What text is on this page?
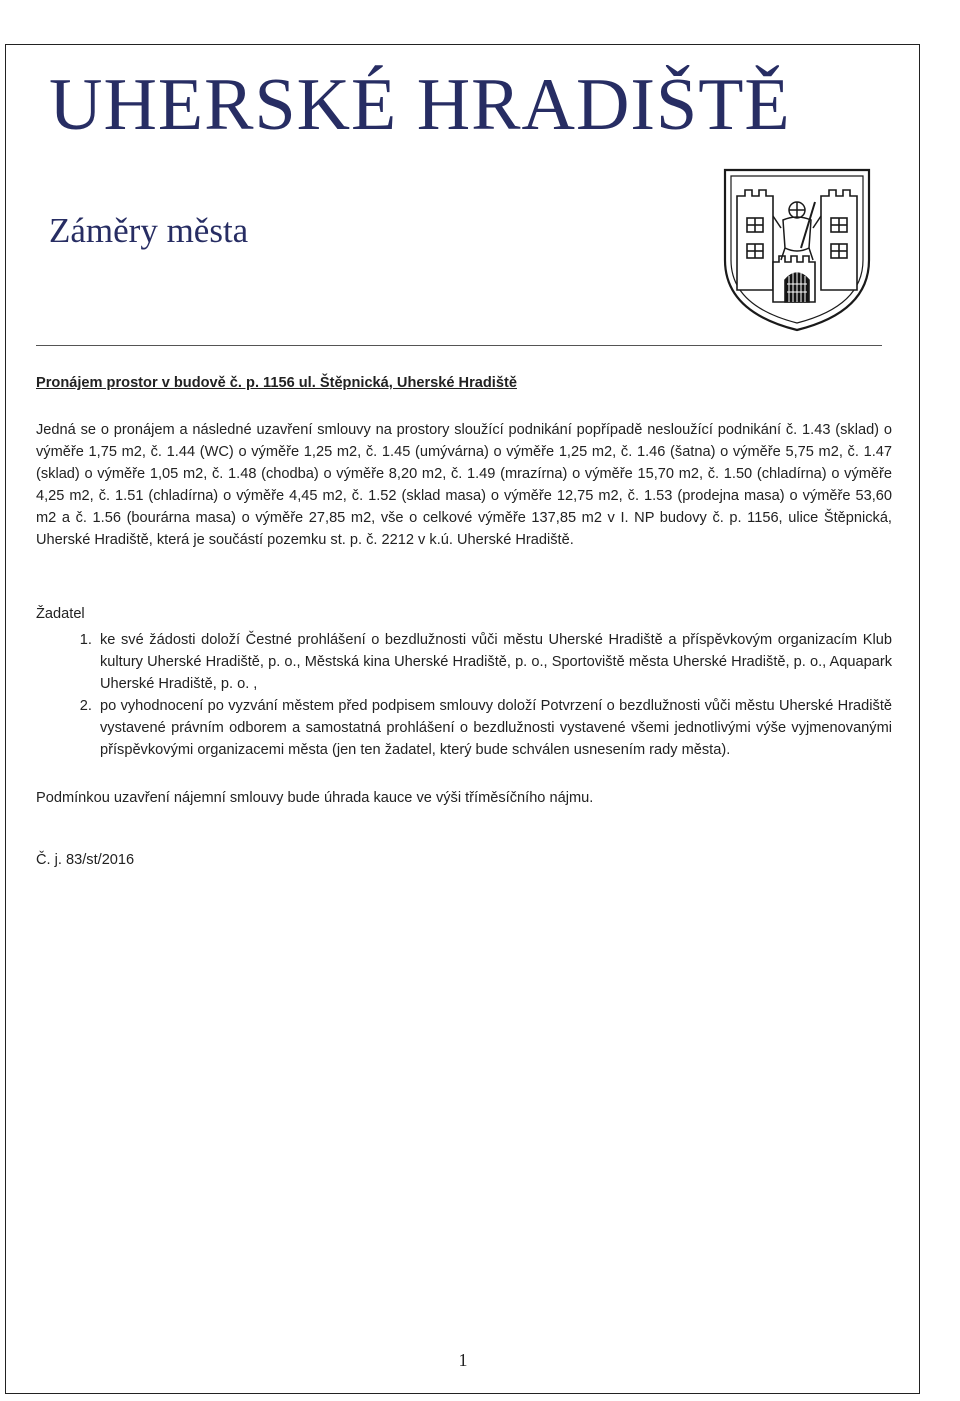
UHERSKÉ HRADIŠTĚ
Záměry města

Pronájem prostor v budově č. p. 1156 ul. Štěpnická, Uherské Hradiště

Jedná se o pronájem a následné uzavření smlouvy na prostory sloužící podnikání popřípadě nesloužící podnikání č. 1.43 (sklad) o výměře 1,75 m2, č. 1.44 (WC) o výměře 1,25 m2, č. 1.45 (umývárna) o výměře 1,25 m2, č. 1.46 (šatna) o výměře 5,75 m2, č. 1.47 (sklad) o výměře 1,05 m2, č. 1.48 (chodba) o výměře 8,20 m2, č. 1.49 (mrazírna) o výměře 15,70 m2, č. 1.50 (chladírna) o výměře 4,25 m2, č. 1.51 (chladírna) o výměře 4,45 m2, č. 1.52 (sklad masa) o výměře 12,75 m2, č. 1.53 (prodejna masa) o výměře 53,60 m2 a č. 1.56 (bourárna masa) o výměře 27,85 m2, vše o celkové výměře 137,85 m2 v I. NP budovy č. p. 1156, ulice Štěpnická, Uherské Hradiště, která je součástí pozemku st. p. č. 2212 v k.ú. Uherské Hradiště.

Žadatel

1. ke své žádosti doloží Čestné prohlášení o bezdlužnosti vůči městu Uherské Hradiště a příspěvkovým organizacím Klub kultury Uherské Hradiště, p. o., Městská kina Uherské Hradiště, p. o., Sportoviště města Uherské Hradiště, p. o., Aquapark Uherské Hradiště, p. o. ,
2. po vyhodnocení po vyzvání městem před podpisem smlouvy doloží Potvrzení o bezdlužnosti vůči městu Uherské Hradiště vystavené právním odborem a samostatná prohlášení o bezdlužnosti vystavené všemi jednotlivými výše vyjmenovanými příspěvkovými organizacemi města (jen ten žadatel, který bude schválen usnesením rady města).

Podmínkou uzavření nájemní smlouvy bude úhrada kauce ve výši tříměsíčního nájmu.

Č. j. 83/st/2016

1
